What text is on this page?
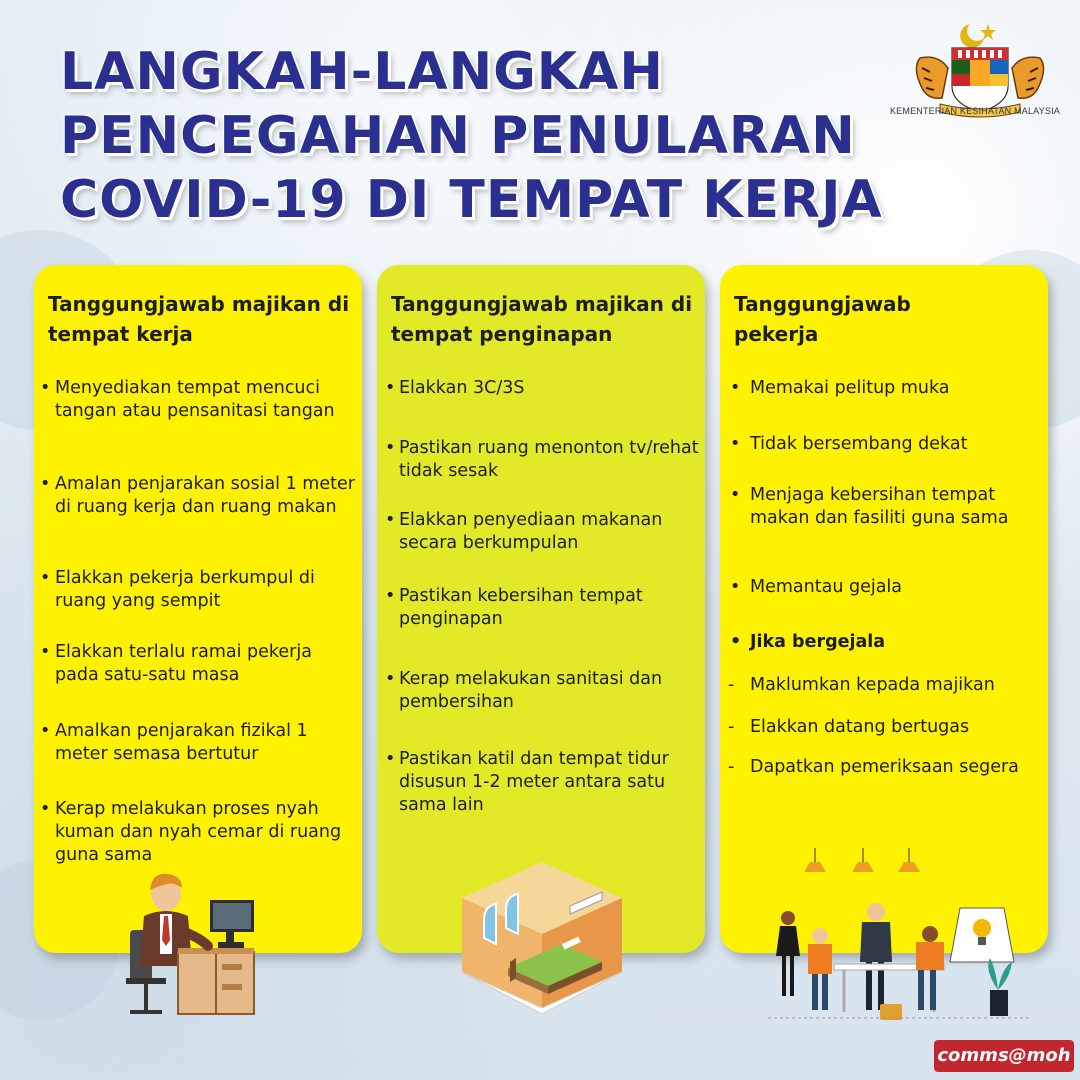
LANGKAH-LANGKAH
PENCEGAHAN PENULARAN
COVID-19 DI TEMPAT KERJA
KEMENTERIAN KESIHATAN MALAYSIA
Tanggungjawab majikan di tempat kerja
• Menyediakan tempat mencuci tangan atau pensanitasi tangan
• Amalan penjarakan sosial 1 meter di ruang kerja dan ruang makan
• Elakkan pekerja berkumpul di ruang yang sempit
• Elakkan terlalu ramai pekerja pada satu-satu masa
• Amalkan penjarakan fizikal 1 meter semasa bertutur
• Kerap melakukan proses nyah kuman dan nyah cemar di ruang guna sama
Tanggungjawab majikan di tempat penginapan
• Elakkan 3C/3S
• Pastikan ruang menonton tv/rehat tidak sesak
• Elakkan penyediaan makanan secara berkumpulan
• Pastikan kebersihan tempat penginapan
• Kerap melakukan sanitasi dan pembersihan
• Pastikan katil dan tempat tidur disusun 1-2 meter antara satu sama lain
Tanggungjawab pekerja
• Memakai pelitup muka
• Tidak bersembang dekat
• Menjaga kebersihan tempat makan dan fasiliti guna sama
• Memantau gejala
• Jika bergejala
- Maklumkan kepada majikan
- Elakkan datang bertugas
- Dapatkan pemeriksaan segera
comms@moh
